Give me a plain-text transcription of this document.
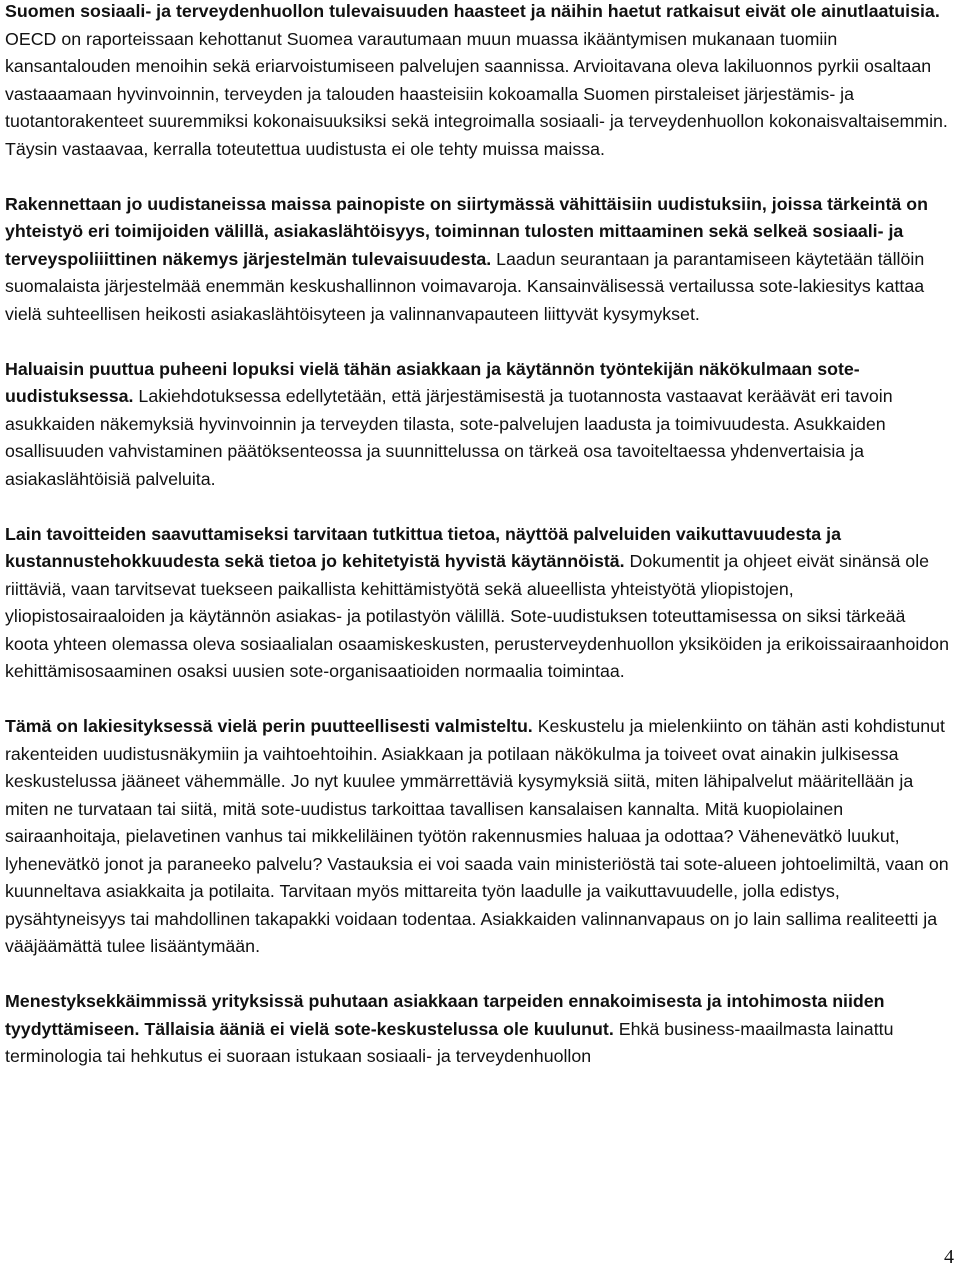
Suomen sosiaali- ja terveydenhuollon tulevaisuuden haasteet ja näihin haetut ratkaisut eivät ole ainutlaatuisia. OECD on raporteissaan kehottanut Suomea varautumaan muun muassa ikääntymisen mukanaan tuomiin kansantalouden menoihin sekä eriarvoistumiseen palvelujen saannissa. Arvioitavana oleva lakiluonnos pyrkii osaltaan vastaaamaan hyvinvoinnin, terveyden ja talouden haasteisiin kokoamalla Suomen pirstaleiset järjestämis- ja tuotantorakenteet suuremmiksi kokonaisuuksiksi sekä integroimalla sosiaali- ja terveydenhuollon kokonaisvaltaisemmin. Täysin vastaavaa, kerralla toteutettua uudistusta ei ole tehty muissa maissa.

Rakennettaan jo uudistaneissa maissa painopiste on siirtymässä vähittäisiin uudistuksiin, joissa tärkeintä on yhteistyö eri toimijoiden välillä, asiakaslähtöisyys, toiminnan tulosten mittaaminen sekä selkeä sosiaali- ja terveyspoliiittinen näkemys järjestelmän tulevaisuudesta. Laadun seurantaan ja parantamiseen käytetään tällöin suomalaista järjestelmää enemmän keskushallinnon voimavaroja. Kansainvälisessä vertailussa sote-lakiesitys kattaa vielä suhteellisen heikosti asiakaslähtöisyteen ja valinnanvapauteen liittyvät kysymykset.

Haluaisin puuttua puheeni lopuksi vielä tähän asiakkaan ja käytännön työntekijän näkökulmaan sote-uudistuksessa. Lakiehdotuksessa edellytetään, että järjestämisestä ja tuotannosta vastaavat keräävät eri tavoin asukkaiden näkemyksiä hyvinvoinnin ja terveyden tilasta, sote-palvelujen laadusta ja toimivuudesta. Asukkaiden osallisuuden vahvistaminen päätöksenteossa ja suunnittelussa on tärkeä osa tavoiteltaessa yhdenvertaisia ja asiakaslähtöisiä palveluita.

Lain tavoitteiden saavuttamiseksi tarvitaan tutkittua tietoa, näyttöä palveluiden vaikuttavuudesta ja kustannustehokkuudesta sekä tietoa jo kehitetyistä hyvistä käytännöistä. Dokumentit ja ohjeet eivät sinänsä ole riittäviä, vaan tarvitsevat tuekseen paikallista kehittämistyötä sekä alueellista yhteistyötä yliopistojen, yliopistosairaaloiden ja käytännön asiakas- ja potilastyön välillä. Sote-uudistuksen toteuttamisessa on siksi tärkeää koota yhteen olemassa oleva sosiaalialan osaamiskeskusten, perusterveydenhuollon yksiköiden ja erikoissairaanhoidon kehittämisosaaminen osaksi uusien sote-organisaatioiden normaalia toimintaa.

Tämä on lakiesityksessä vielä perin puutteellisesti valmisteltu. Keskustelu ja mielenkiinto on tähän asti kohdistunut rakenteiden uudistusnäkymiin ja vaihtoehtoihin. Asiakkaan ja potilaan näkökulma ja toiveet ovat ainakin julkisessa keskustelussa jääneet vähemmälle. Jo nyt kuulee ymmärrettäviä kysymyksiä siitä, miten lähipalvelut määritellään ja miten ne turvataan tai siitä, mitä sote-uudistus tarkoittaa tavallisen kansalaisen kannalta. Mitä kuopiolainen sairaanhoitaja, pielavetinen vanhus tai mikkeliläinen työtön rakennusmies haluaa ja odottaa? Vähenevätkö luukut, lyhenevätkö jonot ja paraneeko palvelu? Vastauksia ei voi saada vain ministeriöstä tai sote-alueen johtoelimiltä, vaan on kuunneltava asiakkaita ja potilaita. Tarvitaan myös mittareita työn laadulle ja vaikuttavuudelle, jolla edistys, pysähtyneisyys tai mahdollinen takapakki voidaan todentaa. Asiakkaiden valinnanvapaus on jo lain sallima realiteetti ja vääjäämättä tulee lisääntymään.

Menestyksekkäimmissä yrityksissä puhutaan asiakkaan tarpeiden ennakoimisesta ja intohimosta niiden tyydyttämiseen. Tällaisia ääniä ei vielä sote-keskustelussa ole kuulunut. Ehkä business-maailmasta lainattu terminologia tai hehkutus ei suoraan istukaan sosiaali- ja terveydenhuollon

4
